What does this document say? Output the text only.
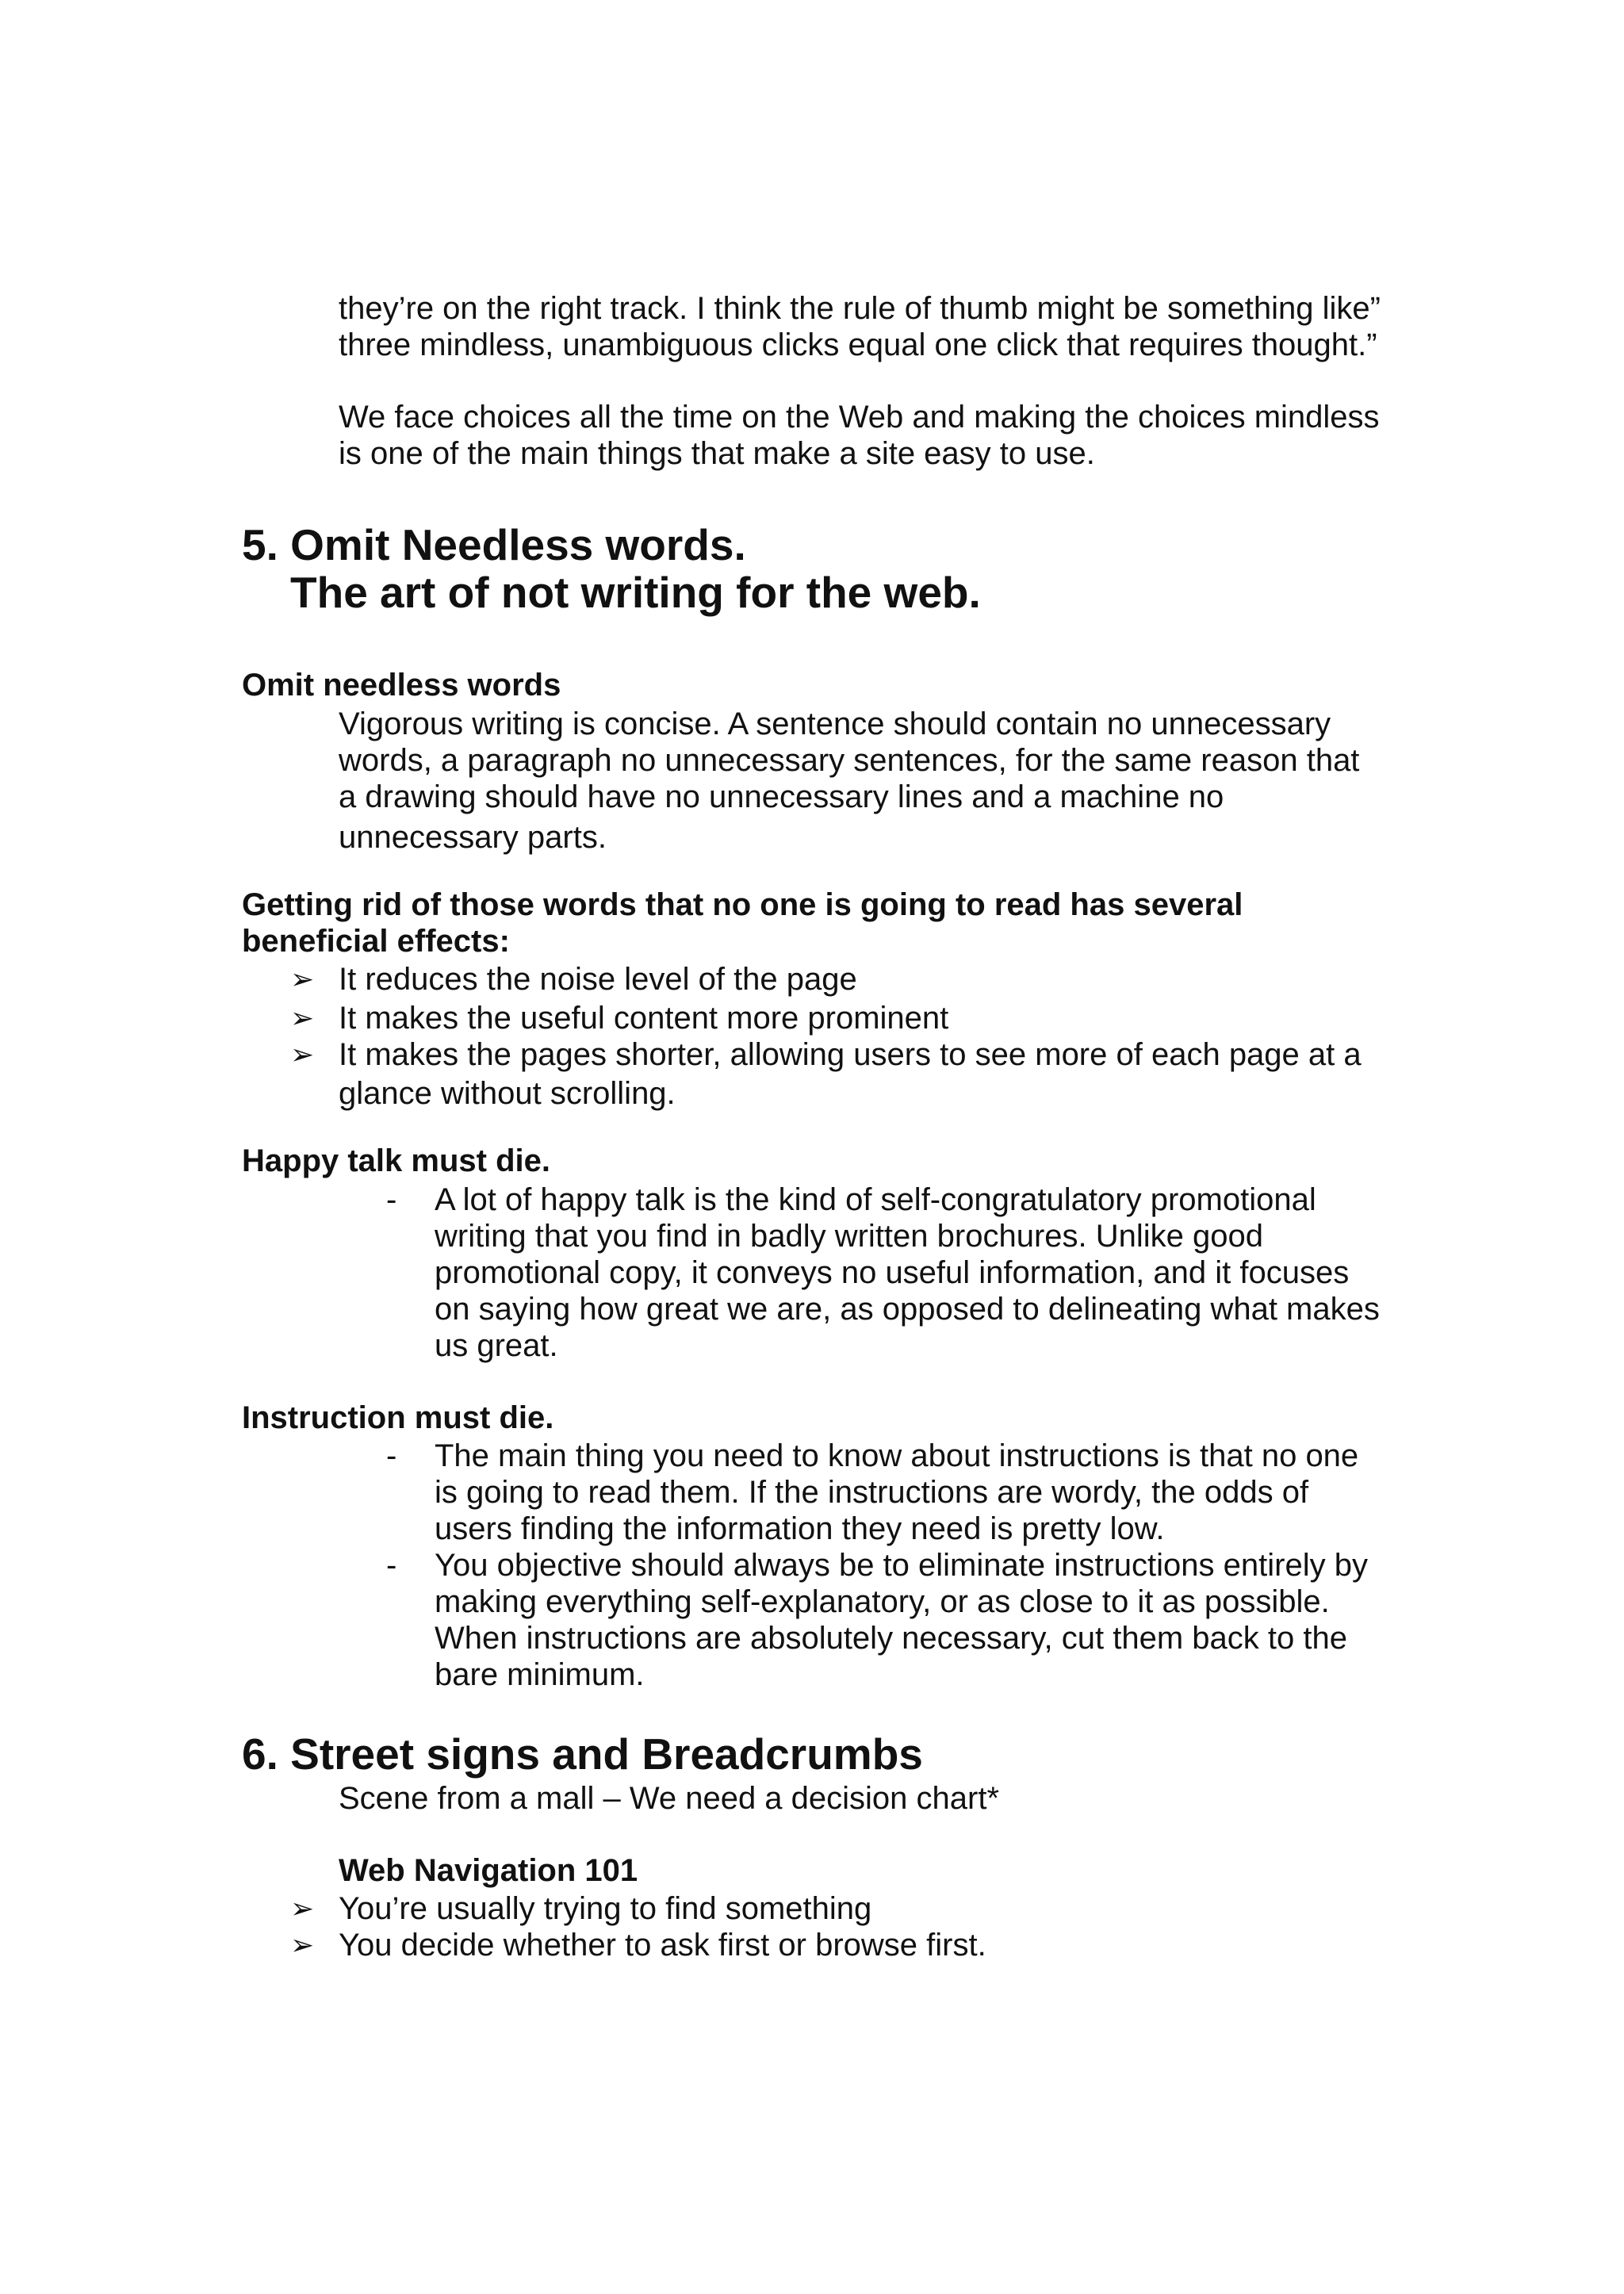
they’re on the right track. I think the rule of thumb might be something like”
three mindless, unambiguous clicks equal one click that requires thought.”
We face choices all the time on the Web and making the choices mindless
is one of the main things that make a site easy to use.
5. Omit Needless words.
The art of not writing for the web.
Omit needless words
Vigorous writing is concise. A sentence should contain no unnecessary
words, a paragraph no unnecessary sentences, for the same reason that
a drawing should have no unnecessary lines and a machine no
unnecessary parts.
Getting rid of those words that no one is going to read has several
beneficial effects:
➢ It reduces the noise level of the page
➢ It makes the useful content more prominent
➢ It makes the pages shorter, allowing users to see more of each page at a
glance without scrolling.
Happy talk must die.
- A lot of happy talk is the kind of self-congratulatory promotional
writing that you find in badly written brochures. Unlike good
promotional copy, it conveys no useful information, and it focuses
on saying how great we are, as opposed to delineating what makes
us great.
Instruction must die.
- The main thing you need to know about instructions is that no one
is going to read them. If the instructions are wordy, the odds of
users finding the information they need is pretty low.
- You objective should always be to eliminate instructions entirely by
making everything self-explanatory, or as close to it as possible.
When instructions are absolutely necessary, cut them back to the
bare minimum.
6. Street signs and Breadcrumbs
Scene from a mall – We need a decision chart*
Web Navigation 101
➢ You’re usually trying to find something
➢ You decide whether to ask first or browse first.
